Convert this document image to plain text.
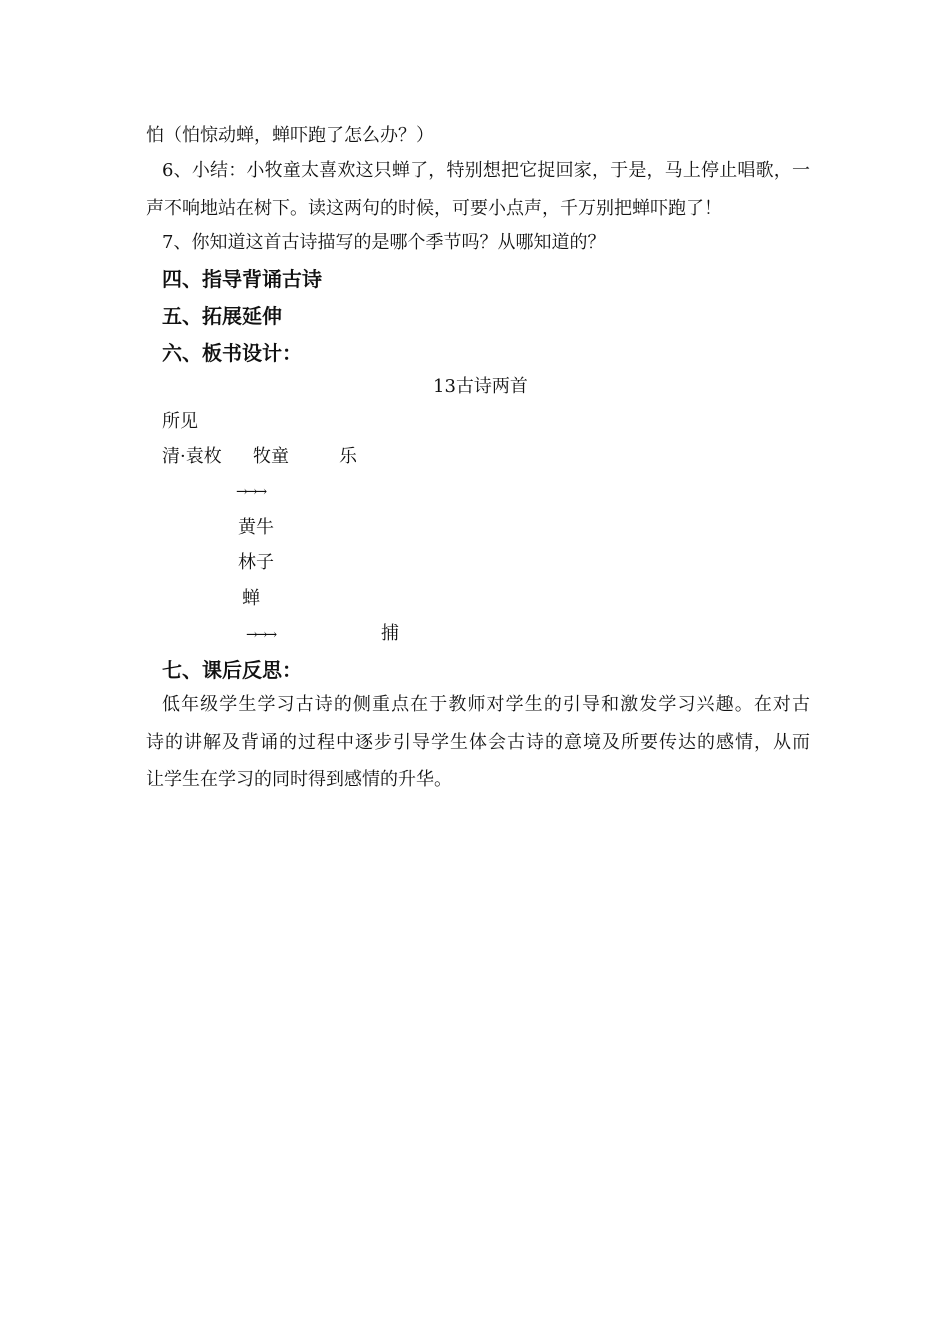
怕（怕惊动蝉，蝉吓跑了怎么办？）
6、小结：小牧童太喜欢这只蝉了，特别想把它捉回家，于是，马上停止唱歌，一
声不响地站在树下。读这两句的时候，可要小点声，千万别把蝉吓跑了！
7、你知道这首古诗描写的是哪个季节吗？从哪知道的？
四、指导背诵古诗
五、拓展延伸
六、板书设计：
13古诗两首
所见
清·袁枚 牧童	乐
→→→
黄牛
林子
蝉
→→→	捕
七、课后反思：
低年级学生学习古诗的侧重点在于教师对学生的引导和激发学习兴趣。在对古
诗的讲解及背诵的过程中逐步引导学生体会古诗的意境及所要传达的感情，从而
让学生在学习的同时得到感情的升华。
